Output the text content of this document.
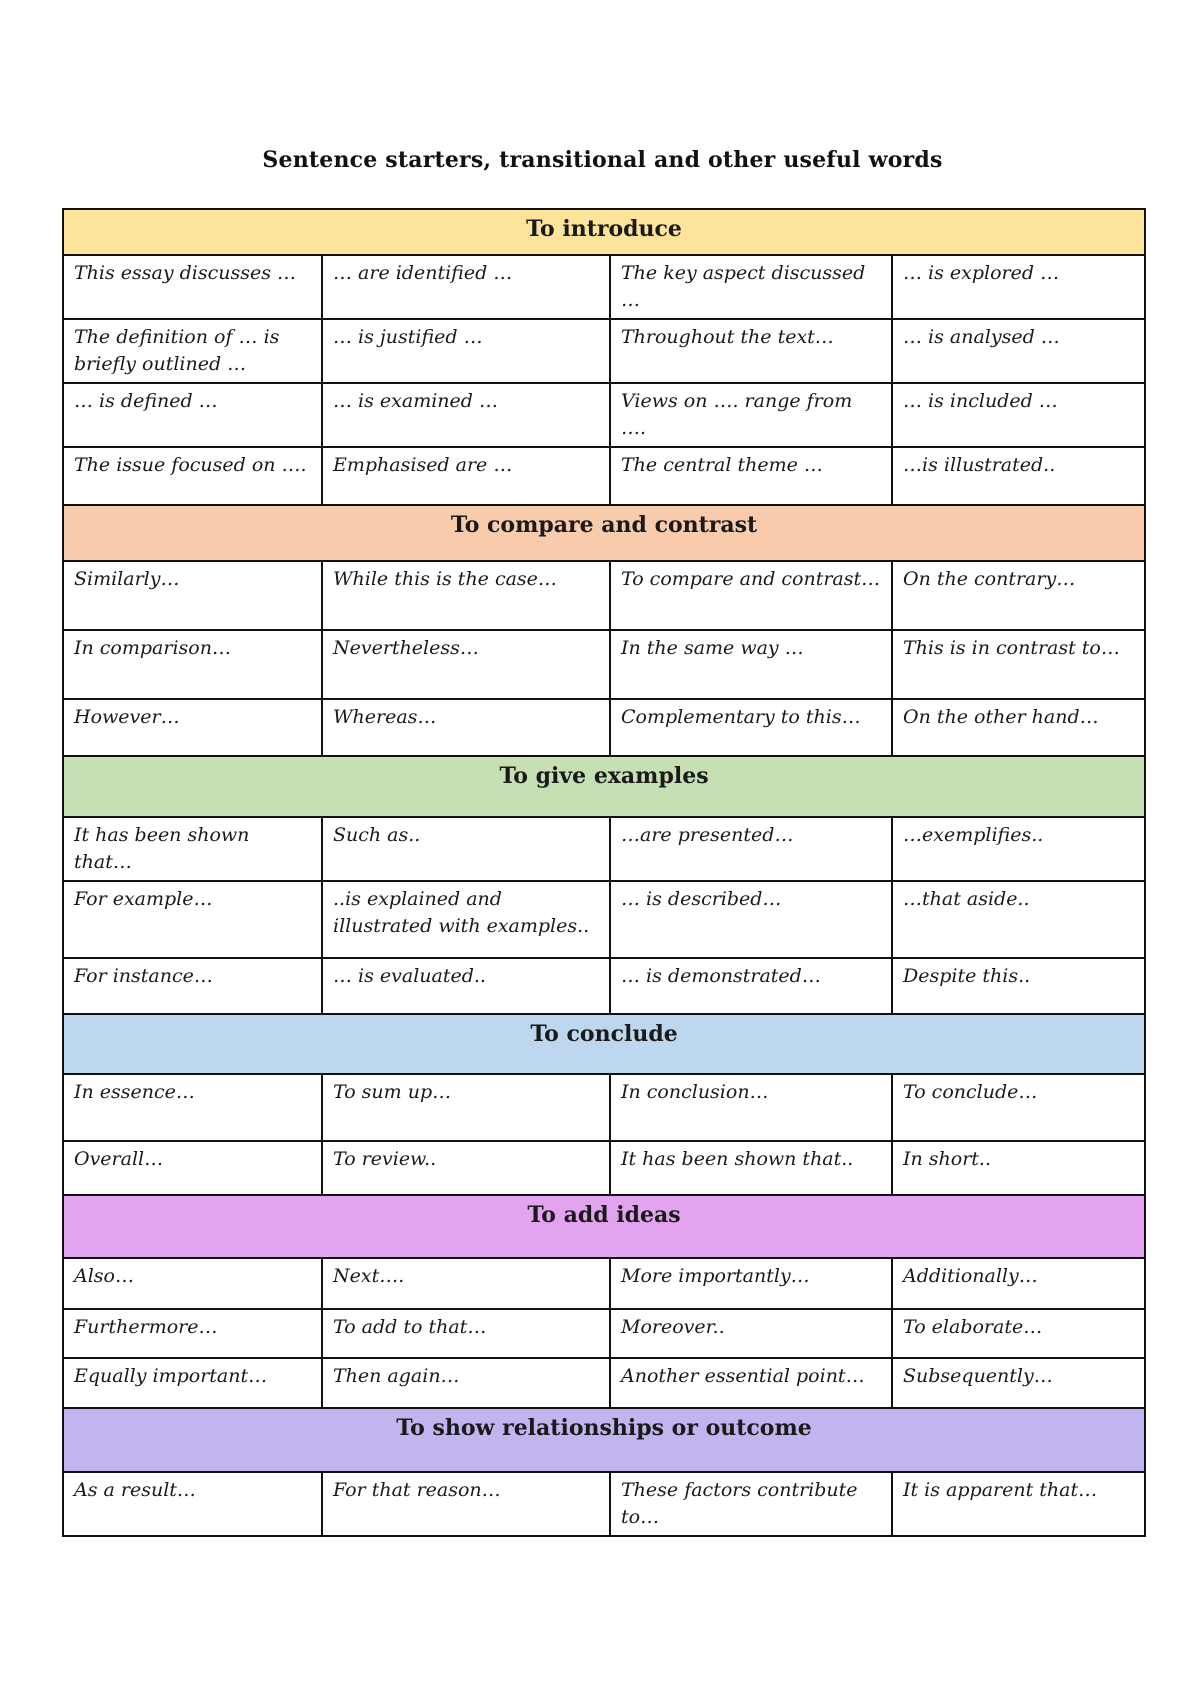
Sentence starters, transitional and other useful words
To introduce			
This essay discusses …	… are identified …	The key aspect discussed …	… is explored …
The definition of … is briefly outlined …	… is justified …	Throughout the text…	… is analysed …
… is defined …	… is examined …	Views on …. range from ….	… is included …
The issue focused on ….	Emphasised are …	The central theme …	…is illustrated..
To compare and contrast			
Similarly…	While this is the case…	To compare and contrast…	On the contrary…
In comparison…	Nevertheless…	In the same way …	This is in contrast to…
However…	Whereas…	Complementary to this…	On the other hand…
To give examples			
It has been shown that…	Such as..	…are presented…	…exemplifies..
For example…	..is explained and illustrated with examples..	… is described…	…that aside..
For instance…	… is evaluated..	… is demonstrated…	Despite this..
To conclude			
In essence…	To sum up…	In conclusion…	To conclude…
Overall…	To review..	It has been shown that..	In short..
To add ideas			
Also…	Next….	More importantly…	Additionally…
Furthermore…	To add to that…	Moreover..	To elaborate…
Equally important…	Then again…	Another essential point…	Subsequently…
To show relationships or outcome			
As a result…	For that reason…	These factors contribute to…	It is apparent that…
